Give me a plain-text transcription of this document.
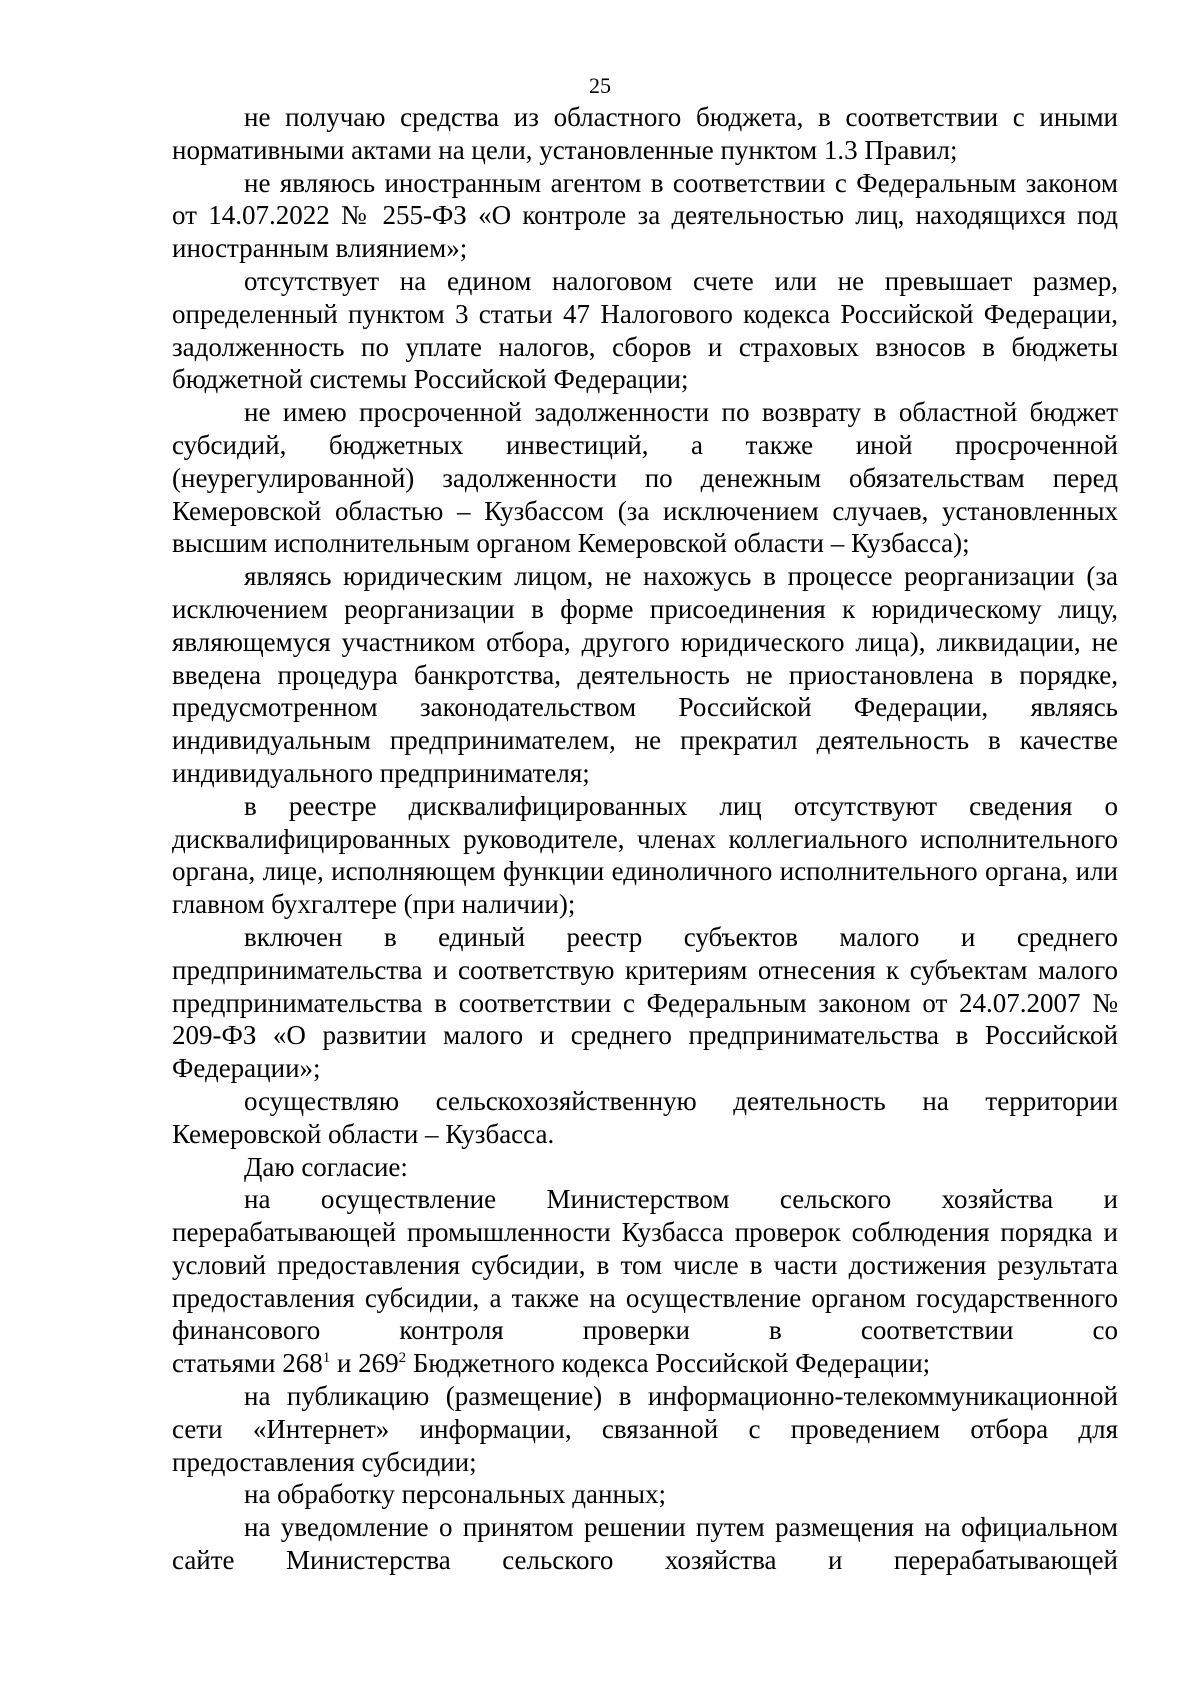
25

не получаю средства из областного бюджета, в соответствии с иными нормативными актами на цели, установленные пунктом 1.3 Правил;

не являюсь иностранным агентом в соответствии с Федеральным законом от 14.07.2022 № 255-ФЗ «О контроле за деятельностью лиц, находящихся под иностранным влиянием»;

отсутствует на едином налоговом счете или не превышает размер, определенный пунктом 3 статьи 47 Налогового кодекса Российской Федерации, задолженность по уплате налогов, сборов и страховых взносов в бюджеты бюджетной системы Российской Федерации;

не имею просроченной задолженности по возврату в областной бюджет субсидий, бюджетных инвестиций, а также иной просроченной (неурегулированной) задолженности по денежным обязательствам перед Кемеровской областью – Кузбассом (за исключением случаев, установленных высшим исполнительным органом Кемеровской области – Кузбасса);

являясь юридическим лицом, не нахожусь в процессе реорганизации (за исключением реорганизации в форме присоединения к юридическому лицу, являющемуся участником отбора, другого юридического лица), ликвидации, не введена процедура банкротства, деятельность не приостановлена в порядке, предусмотренном законодательством Российской Федерации, являясь индивидуальным предпринимателем, не прекратил деятельность в качестве индивидуального предпринимателя;

в реестре дисквалифицированных лиц отсутствуют сведения о дисквалифицированных руководителе, членах коллегиального исполнительного органа, лице, исполняющем функции единоличного исполнительного органа, или главном бухгалтере (при наличии);

включен в единый реестр субъектов малого и среднего предпринимательства и соответствую критериям отнесения к субъектам малого предпринимательства в соответствии с Федеральным законом от 24.07.2007 № 209-ФЗ «О развитии малого и среднего предпринимательства в Российской Федерации»;

осуществляю сельскохозяйственную деятельность на территории Кемеровской области – Кузбасса.

Даю согласие:

на осуществление Министерством сельского хозяйства и перерабатывающей промышленности Кузбасса проверок соблюдения порядка и условий предоставления субсидии, в том числе в части достижения результата предоставления субсидии, а также на осуществление органом государственного финансового контроля проверки в соответствии со

статьями $268^1$ и $269^2$ Бюджетного кодекса Российской Федерации;

на публикацию (размещение) в информационно-телекоммуникационной сети «Интернет» информации, связанной с проведением отбора для предоставления субсидии;

на обработку персональных данных;

на уведомление о принятом решении путем размещения на официальном сайте Министерства сельского хозяйства и перерабатывающей
